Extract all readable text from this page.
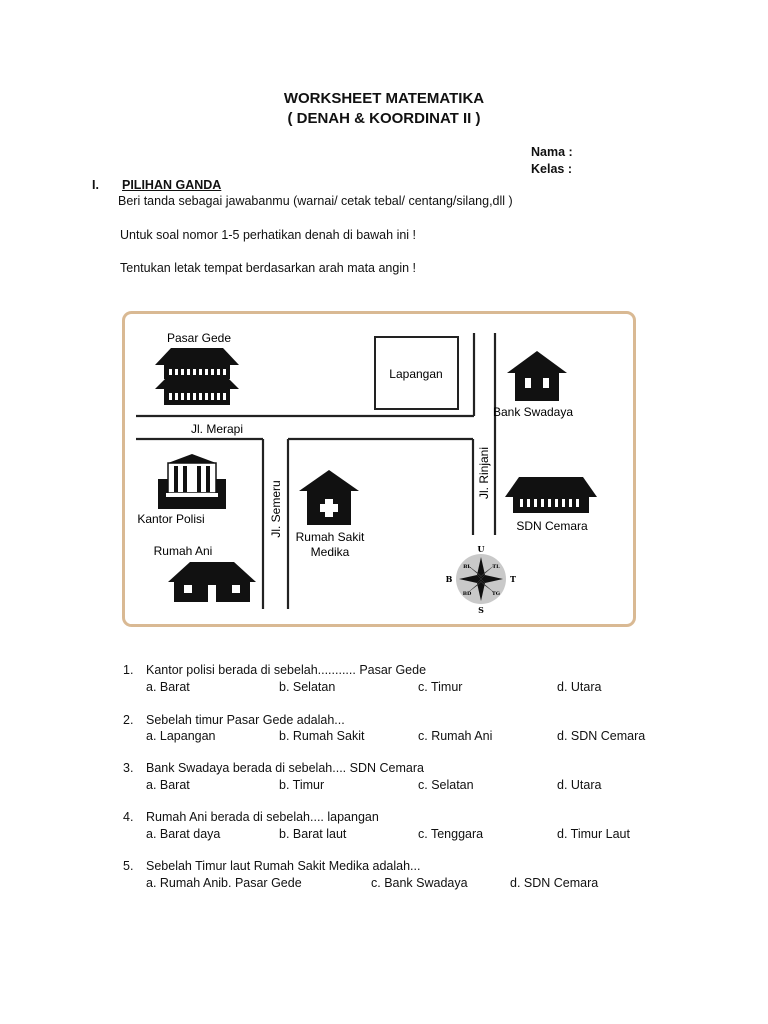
WORKSHEET MATEMATIKA
( DENAH & KOORDINAT II )
Nama :
Kelas :
I. PILIHAN GANDA
Beri tanda sebagai jawabanmu (warnai/ cetak tebal/ centang/silang,dll )
Untuk soal nomor 1-5 perhatikan denah di bawah ini !
Tentukan letak tempat berdasarkan arah mata angin !
Lapangan
Pasar Gede
Bank Swadaya
Jl. Merapi
Jl. Rinjani
Jl. Semeru
Kantor Polisi
Rumah Sakit
Medika
SDN Cemara
Rumah Ani	U
S
B	T
BL	TL
BD	TG
1. Kantor polisi berada di sebelah........... Pasar Gede
a. Barat	b. Selatan	c. Timur	d. Utara
2. Sebelah timur Pasar Gede adalah...
a. Lapangan	b. Rumah Sakit	c. Rumah Ani	d. SDN Cemara
3. Bank Swadaya berada di sebelah.... SDN Cemara
a. Barat	b. Timur	c. Selatan	d. Utara
4. Rumah Ani berada di sebelah.... lapangan
a. Barat daya	b. Barat laut	c. Tenggara	d. Timur Laut
5. Sebelah Timur laut Rumah Sakit Medika adalah...
a. Rumah Anib. Pasar Gede	c. Bank Swadaya	d. SDN Cemara
